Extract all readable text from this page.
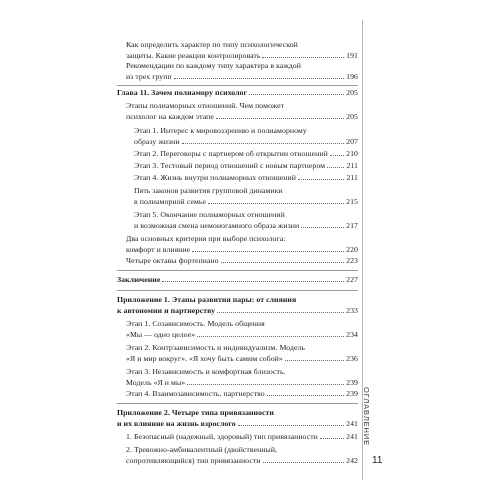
Как определить характер по типу психологической
защиты. Какие реакции контролировать	191
Рекомендации по каждому типу характера в каждой
из трех групп	196
Глава 11. Зачем полиамору психолог	205
Этапы полиаморных отношений. Чем поможет
психолог на каждом этапе	205
Этап 1. Интерес к мировоззрению и полиаморному
образу жизни	207
Этап 2. Переговоры с партнером об открытии отношений 210
Этап 3. Тестовый период отношений с новым партнером	211
Этап 4. Жизнь внутри полиаморных отношений	211
Пять законов развития групповой динамики
в полиаморной семье	215
Этап 5. Окончание полиаморных отношений
и возможная смена немоногамного образа жизни	217
Два основных критерия при выборе психолога:
комфорт и влияние	220
Четыре октавы фортепиано	223
Заключение	227
Приложение 1. Этапы развития пары: от слияния
к автономии и партнерству	233
Этап 1. Созависимость. Модель общения
«Мы — одно целое»	234
Этап 2. Контрзависимость и индивидуализм. Модель
«Я и мир вокруг». «Я хочу быть самим собой»	236
Этап 3. Независимость и комфортная близость.
Модель «Я и мы»	239
Этап 4. Взаимозависимость, партнерство	239
Приложение 2. Четыре типа привязанности
и их влияние на жизнь взрослого	241
1. Безопасный (надежный, здоровый) тип привязанности	241
2. Тревожно-амбивалентный (двойственный,
сопротивляющийся) тип привязанности	242
ОГЛАВЛЕНИЕ
11
